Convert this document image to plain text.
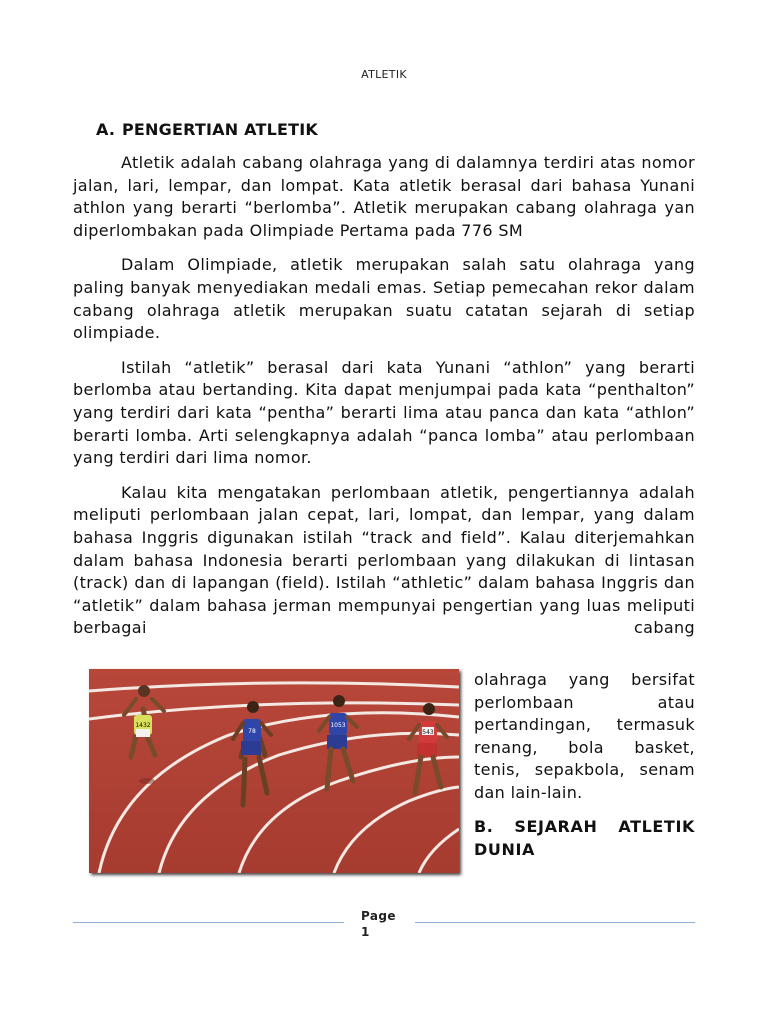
ATLETIK
A. PENGERTIAN ATLETIK

Atletik adalah cabang olahraga yang di dalamnya terdiri atas nomor jalan, lari, lempar, dan lompat. Kata atletik berasal dari bahasa Yunani athlon yang berarti “berlomba”. Atletik merupakan cabang olahraga yan diperlombakan pada Olimpiade Pertama pada 776 SM

Dalam Olimpiade, atletik merupakan salah satu olahraga yang paling banyak menyediakan medali emas. Setiap pemecahan rekor dalam cabang olahraga atletik merupakan suatu catatan sejarah di setiap olimpiade.

Istilah “atletik” berasal dari kata Yunani “athlon” yang berarti berlomba atau bertanding. Kita dapat menjumpai pada kata “penthalton” yang terdiri dari kata “pentha” berarti lima atau panca dan kata “athlon” berarti lomba. Arti selengkapnya adalah “panca lomba” atau perlombaan yang terdiri dari lima nomor.

Kalau kita mengatakan perlombaan atletik, pengertiannya adalah meliputi perlombaan jalan cepat, lari, lompat, dan lempar, yang dalam bahasa Inggris digunakan istilah “track and field”. Kalau diterjemahkan dalam bahasa Indonesia berarti perlombaan yang dilakukan di lintasan (track) dan di lapangan (field). Istilah “athletic” dalam bahasa Inggris dan “atletik” dalam bahasa jerman mempunyai pengertian yang luas meliputi berbagai cabang

1432
78
1053
543
olahraga yang bersifat
perlombaan atau
pertandingan, termasuk
renang, bola basket,
tenis, sepakbola, senam
dan lain-lain.
B. SEJARAH ATLETIK DUNIA
Page
1
